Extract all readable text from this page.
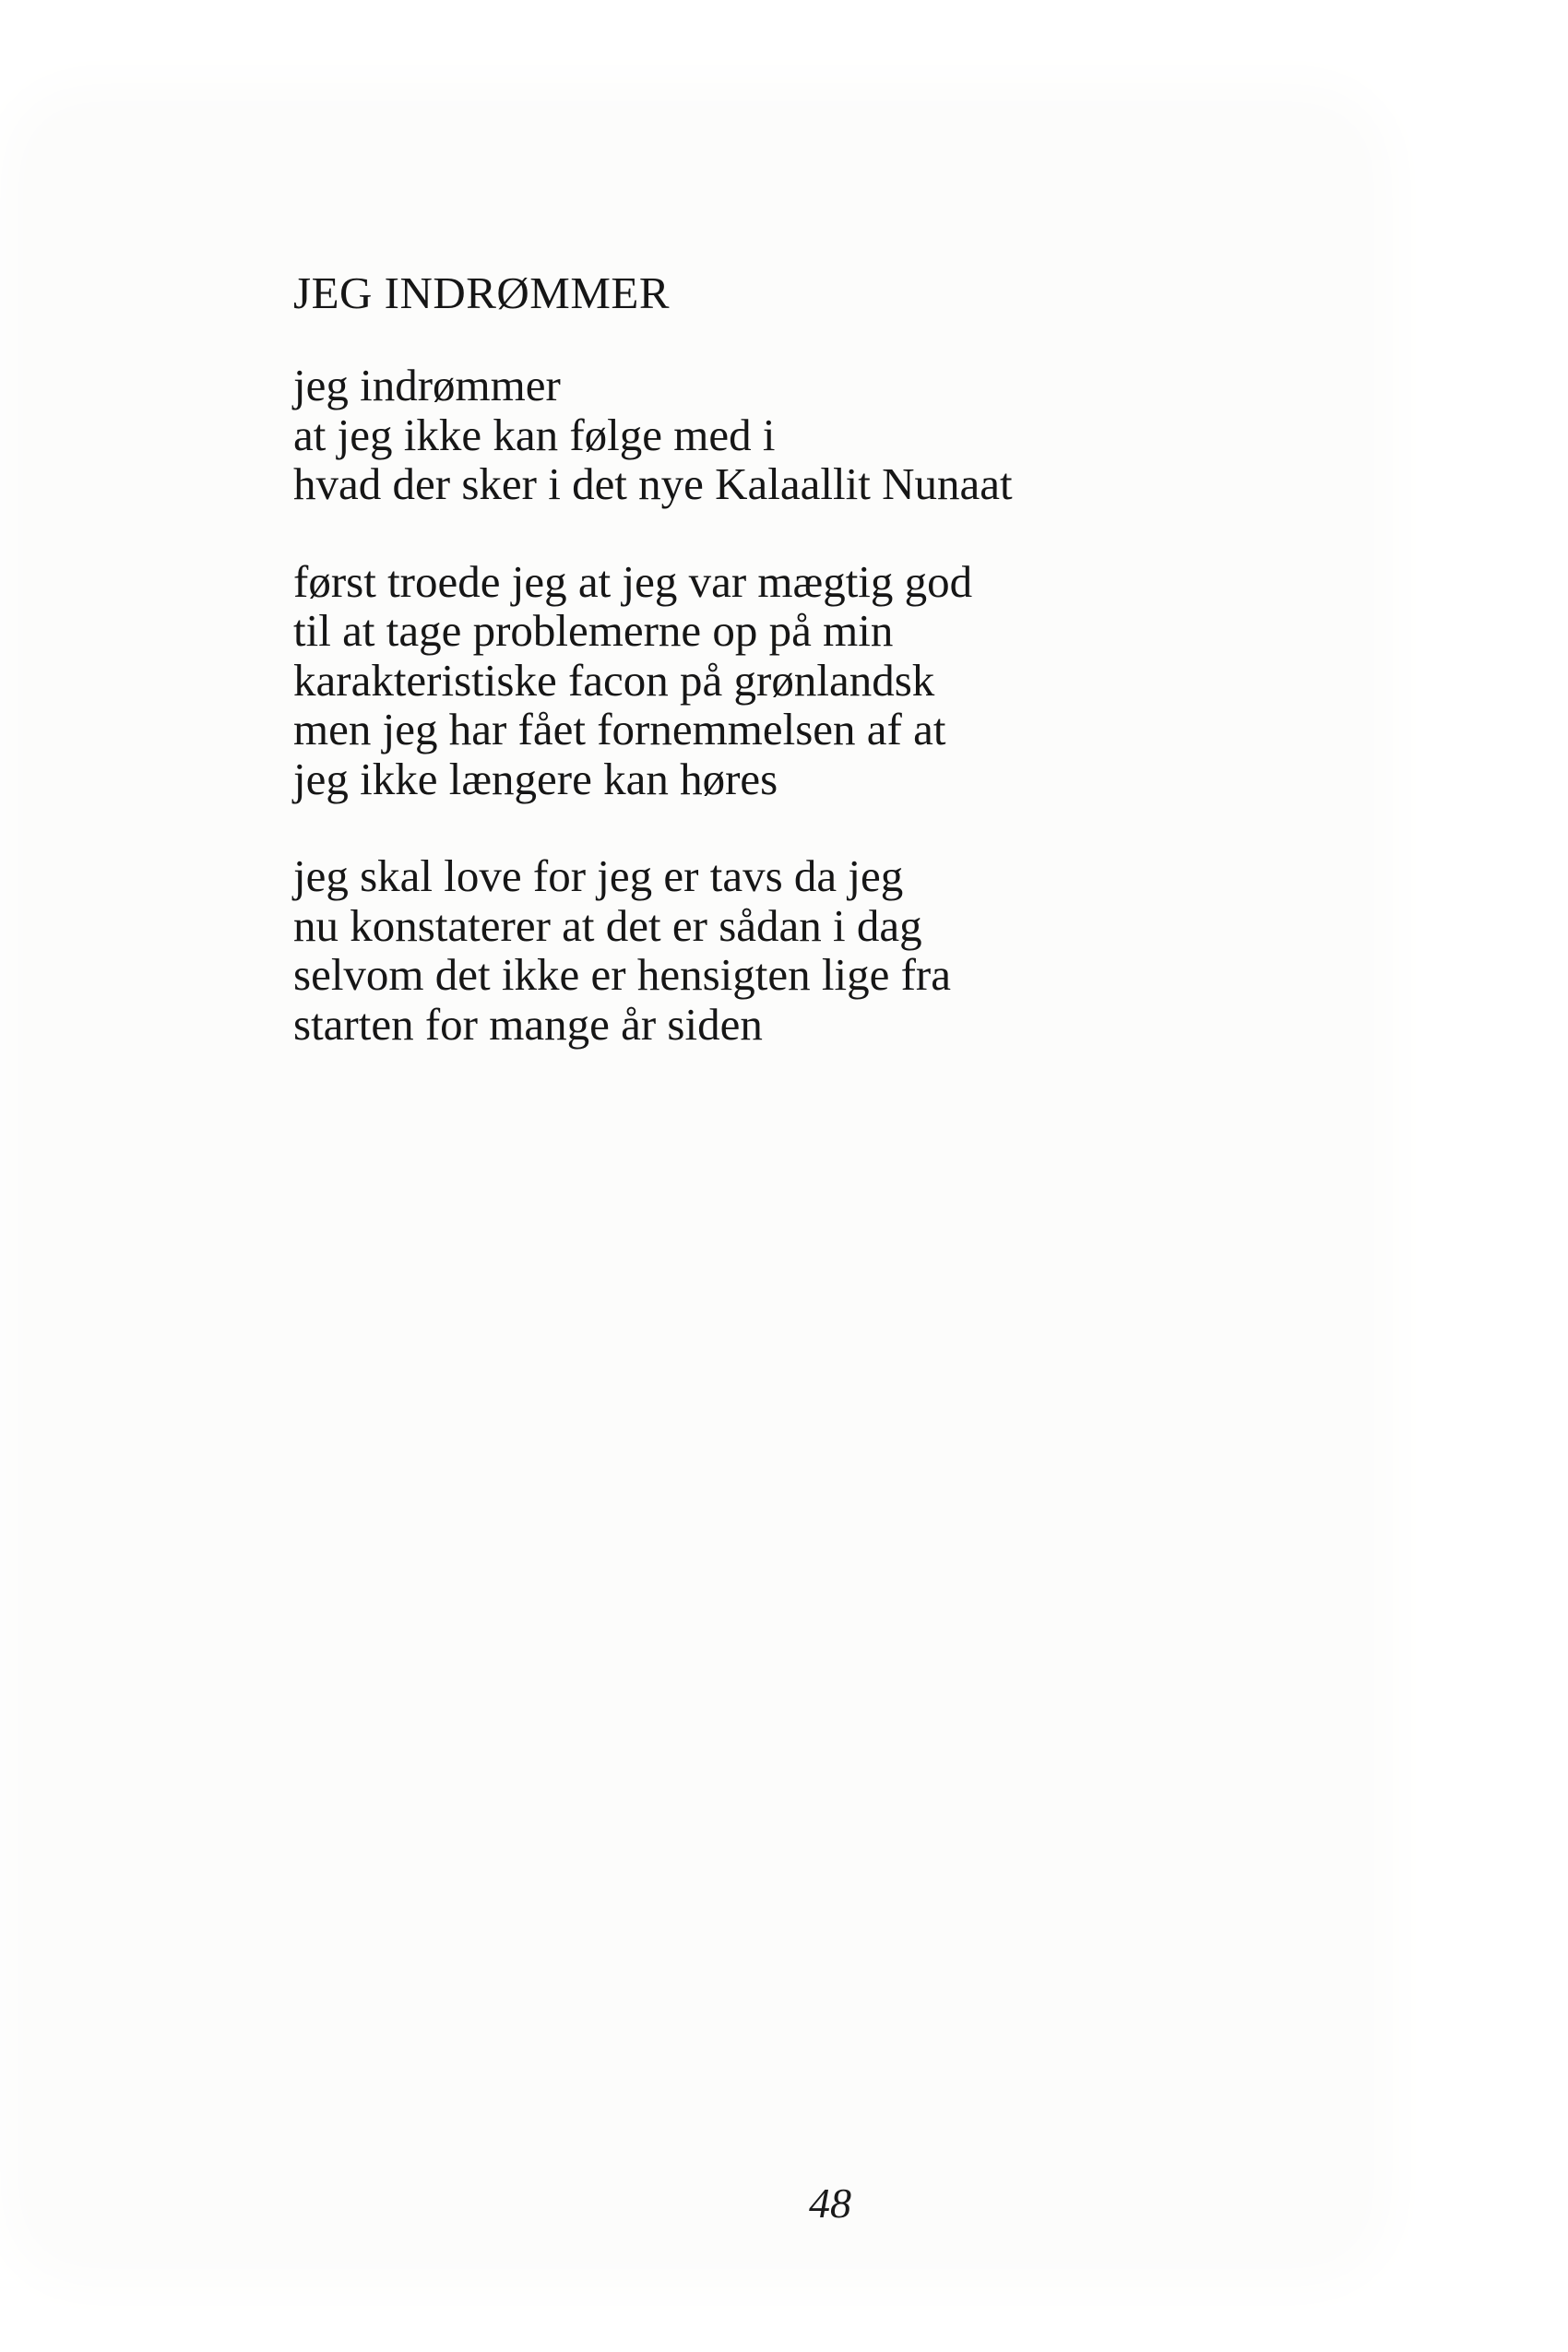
JEG INDRØMMER
jeg indrømmer
at jeg ikke kan følge med i
hvad der sker i det nye Kalaallit Nunaat
først troede jeg at jeg var mægtig god
til at tage problemerne op på min
karakteristiske facon på grønlandsk
men jeg har fået fornemmelsen af at
jeg ikke længere kan høres
jeg skal love for jeg er tavs da jeg
nu konstaterer at det er sådan i dag
selvom det ikke er hensigten lige fra
starten for mange år siden
48
